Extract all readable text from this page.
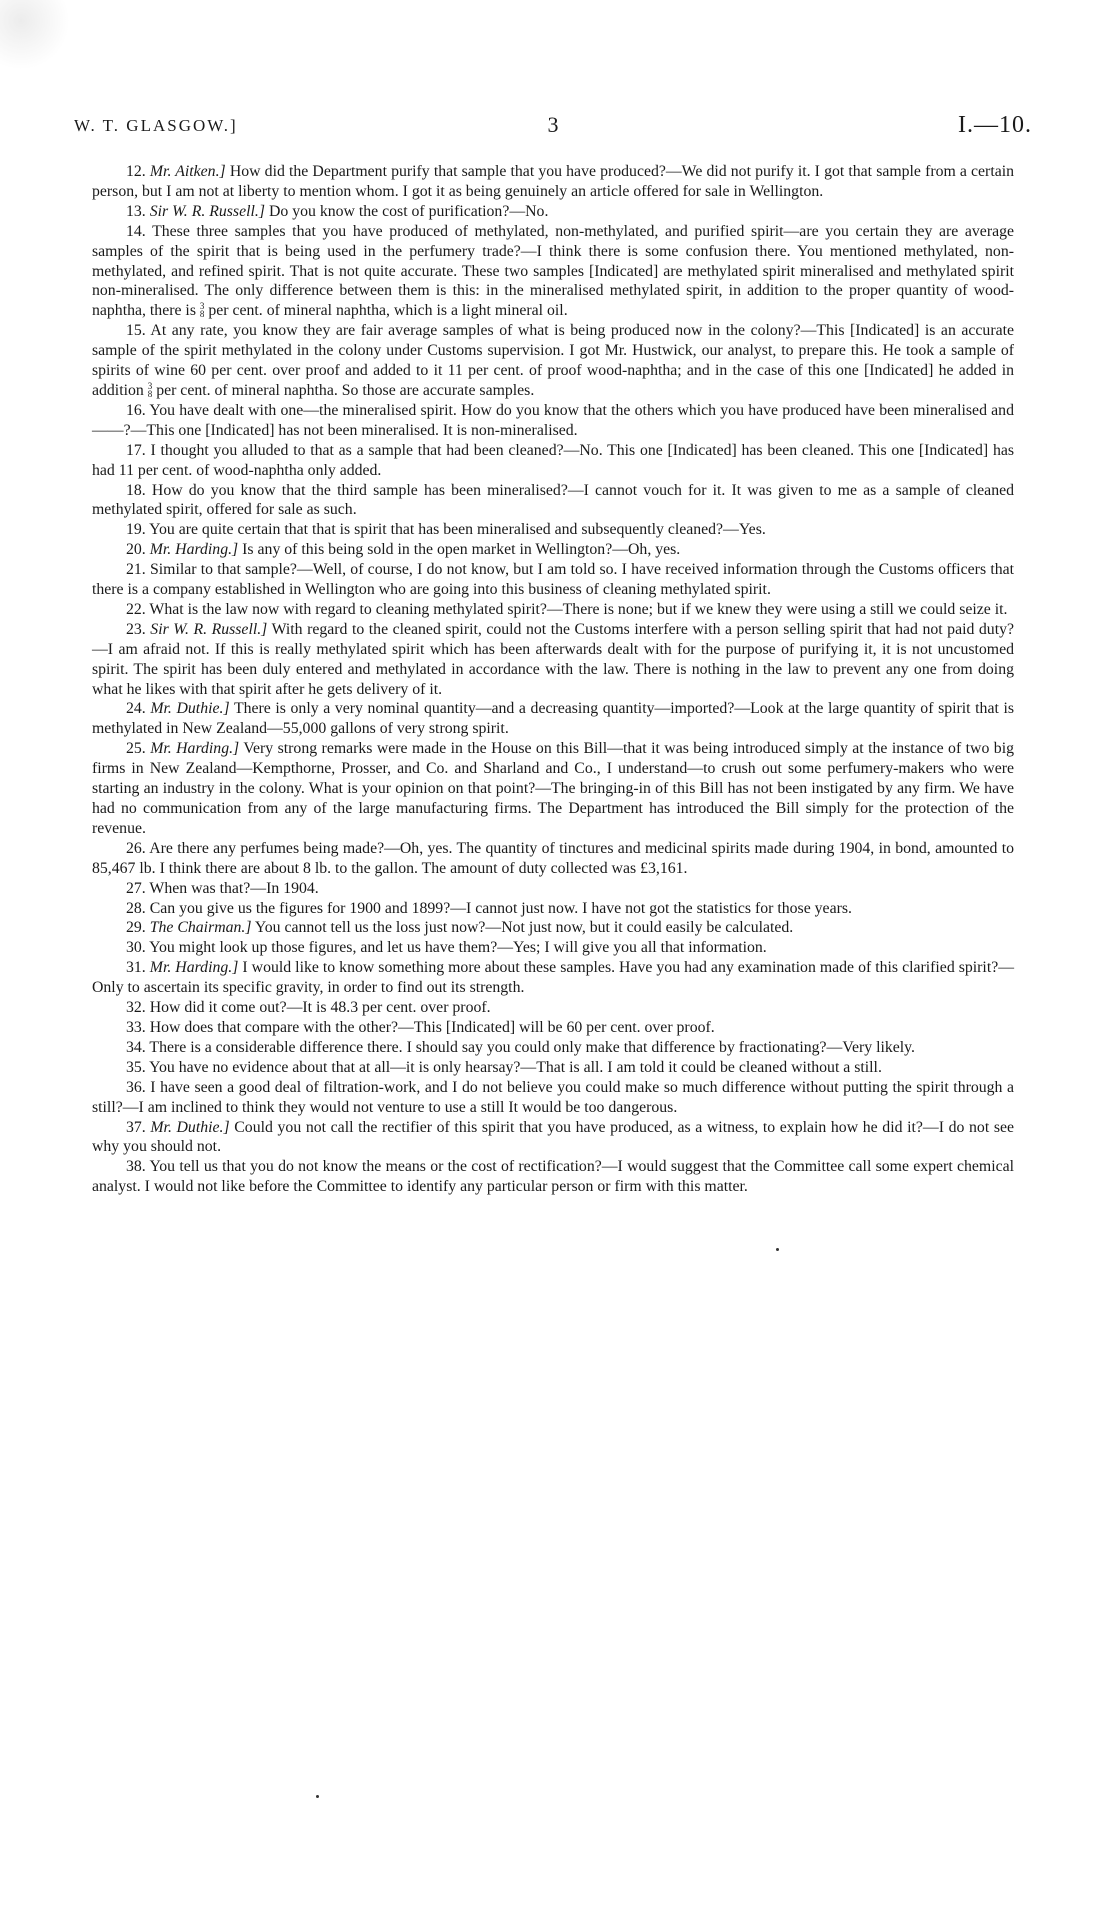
W. T. GLASGOW.]	3	I.—10.

12. Mr. Aitken.] How did the Department purify that sample that you have produced?—We did not purify it. I got that sample from a certain person, but I am not at liberty to mention whom. I got it as being genuinely an article offered for sale in Wellington.

13. Sir W. R. Russell.] Do you know the cost of purification?—No.

14. These three samples that you have produced of methylated, non-methylated, and purified spirit—are you certain they are average samples of the spirit that is being used in the perfumery trade?—I think there is some confusion there. You mentioned methylated, non-methylated, and refined spirit. That is not quite accurate. These two samples [Indicated] are methylated spirit mineralised and methylated spirit non-mineralised. The only difference between them is this: in the mineralised methylated spirit, in addition to the proper quantity of wood-naphtha, there is 3
8 per cent. of mineral naphtha, which is a light mineral oil.

15. At any rate, you know they are fair average samples of what is being produced now in the colony?—This [Indicated] is an accurate sample of the spirit methylated in the colony under Customs supervision. I got Mr. Hustwick, our analyst, to prepare this. He took a sample of spirits of wine 60 per cent. over proof and added to it 11 per cent. of proof wood-naphtha; and in the case of this one [Indicated] he added in addition 3
8 per cent. of mineral naphtha. So those are accurate samples.

16. You have dealt with one—the mineralised spirit. How do you know that the others which you have produced have been mineralised and——?—This one [Indicated] has not been mineralised. It is non-mineralised.

17. I thought you alluded to that as a sample that had been cleaned?—No. This one [Indicated] has been cleaned. This one [Indicated] has had 11 per cent. of wood-naphtha only added.

18. How do you know that the third sample has been mineralised?—I cannot vouch for it. It was given to me as a sample of cleaned methylated spirit, offered for sale as such.

19. You are quite certain that that is spirit that has been mineralised and subsequently cleaned?—Yes.

20. Mr. Harding.] Is any of this being sold in the open market in Wellington?—Oh, yes.

21. Similar to that sample?—Well, of course, I do not know, but I am told so. I have received information through the Customs officers that there is a company established in Wellington who are going into this business of cleaning methylated spirit.

22. What is the law now with regard to cleaning methylated spirit?—There is none; but if we knew they were using a still we could seize it.

23. Sir W. R. Russell.] With regard to the cleaned spirit, could not the Customs interfere with a person selling spirit that had not paid duty?—I am afraid not. If this is really methylated spirit which has been afterwards dealt with for the purpose of purifying it, it is not uncustomed spirit. The spirit has been duly entered and methylated in accordance with the law. There is nothing in the law to prevent any one from doing what he likes with that spirit after he gets delivery of it.

24. Mr. Duthie.] There is only a very nominal quantity—and a decreasing quantity—imported?—Look at the large quantity of spirit that is methylated in New Zealand—55,000 gallons of very strong spirit.

25. Mr. Harding.] Very strong remarks were made in the House on this Bill—that it was being introduced simply at the instance of two big firms in New Zealand—Kempthorne, Prosser, and Co. and Sharland and Co., I understand—to crush out some perfumery-makers who were starting an industry in the colony. What is your opinion on that point?—The bringing-in of this Bill has not been instigated by any firm. We have had no communication from any of the large manufacturing firms. The Department has introduced the Bill simply for the protection of the revenue.

26. Are there any perfumes being made?—Oh, yes. The quantity of tinctures and medicinal spirits made during 1904, in bond, amounted to 85,467 lb. I think there are about 8 lb. to the gallon. The amount of duty collected was £3,161.

27. When was that?—In 1904.

28. Can you give us the figures for 1900 and 1899?—I cannot just now. I have not got the statistics for those years.

29. The Chairman.] You cannot tell us the loss just now?—Not just now, but it could easily be calculated.

30. You might look up those figures, and let us have them?—Yes; I will give you all that information.

31. Mr. Harding.] I would like to know something more about these samples. Have you had any examination made of this clarified spirit?—Only to ascertain its specific gravity, in order to find out its strength.

32. How did it come out?—It is 48.3 per cent. over proof.

33. How does that compare with the other?—This [Indicated] will be 60 per cent. over proof.

34. There is a considerable difference there. I should say you could only make that difference by fractionating?—Very likely.

35. You have no evidence about that at all—it is only hearsay?—That is all. I am told it could be cleaned without a still.

36. I have seen a good deal of filtration-work, and I do not believe you could make so much difference without putting the spirit through a still?—I am inclined to think they would not venture to use a still It would be too dangerous.

37. Mr. Duthie.] Could you not call the rectifier of this spirit that you have produced, as a witness, to explain how he did it?—I do not see why you should not.

38. You tell us that you do not know the means or the cost of rectification?—I would suggest that the Committee call some expert chemical analyst. I would not like before the Committee to identify any particular person or firm with this matter.
